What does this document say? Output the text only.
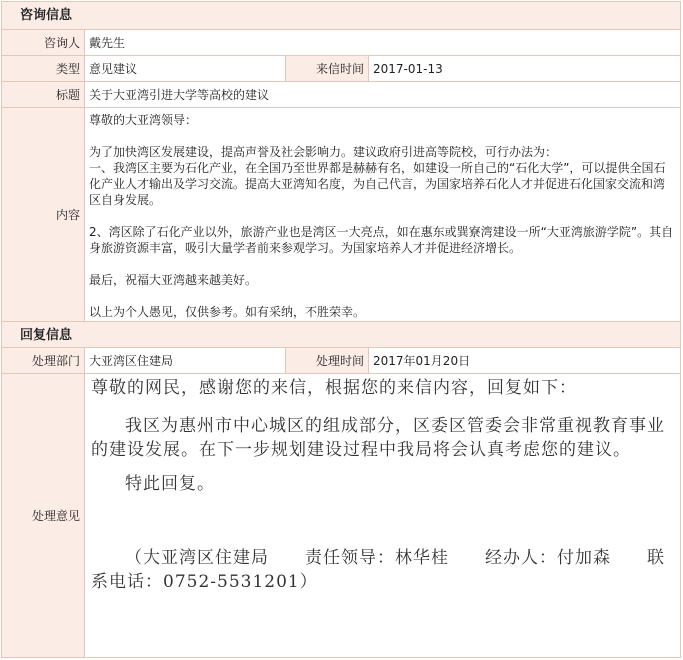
咨询信息
咨询人 戴先生
类型 意见建议	来信时间 2017-01-13
标题 关于大亚湾引进大学等高校的建议
内容

尊敬的大亚湾领导：

为了加快湾区发展建设，提高声誉及社会影响力。建议政府引进高等院校，可行办法为：

一、我湾区主要为石化产业，在全国乃至世界都是赫赫有名，如建设一所自己的“石化大学”，可以提供全国石化产业人才输出及学习交流。提高大亚湾知名度，为自己代言，为国家培养石化人才并促进石化国家交流和湾区自身发展。

2、湾区除了石化产业以外，旅游产业也是湾区一大亮点，如在惠东或巽寮湾建设一所“大亚湾旅游学院”。其自身旅游资源丰富，吸引大量学者前来参观学习。为国家培养人才并促进经济增长。

最后，祝福大亚湾越来越美好。

以上为个人愚见，仅供参考。如有采纳，不胜荣幸。

回复信息
处理部门 大亚湾区住建局	处理时间 2017年01月20日
处理意见

尊敬的网民，感谢您的来信，根据您的来信内容，回复如下：

我区为惠州市中心城区的组成部分，区委区管委会非常重视教育事业的建设发展。在下一步规划建设过程中我局将会认真考虑您的建议。

特此回复。

（大亚湾区住建局　　责任领导：林华桂　　经办人：付加森　　联系电话：0752-5531201）
